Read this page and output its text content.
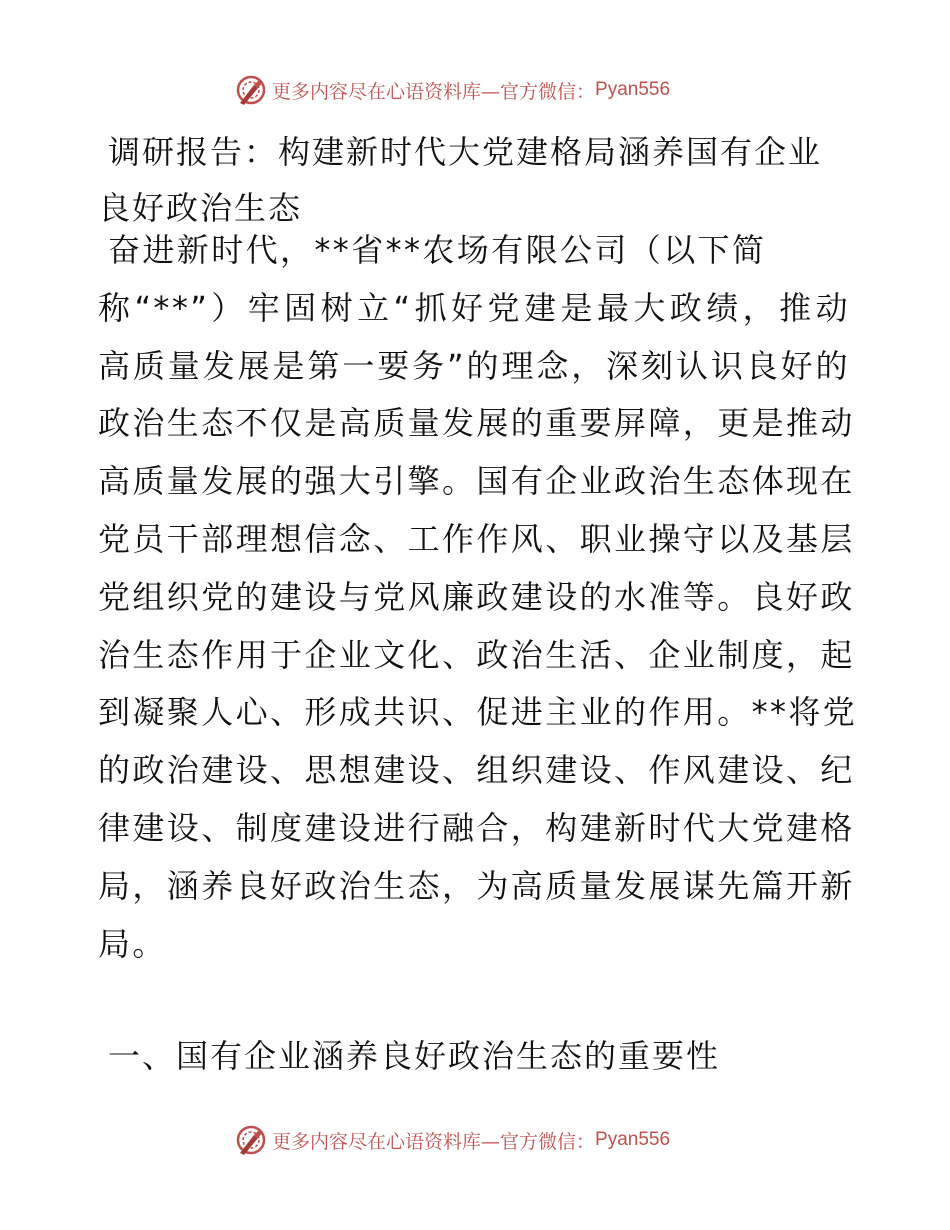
更多内容尽在心语资料库—官方微信： Pyan556
调研报告：构建新时代大党建格局涵养国有企业
良好政治生态

奋进新时代，**省**农场有限公司（以下简
称“**”）牢固树立“抓好党建是最大政绩，推动
高质量发展是第一要务”的理念，深刻认识良好的
政治生态不仅是高质量发展的重要屏障，更是推动
高质量发展的强大引擎。国有企业政治生态体现在
党员干部理想信念、工作作风、职业操守以及基层
党组织党的建设与党风廉政建设的水准等。良好政
治生态作用于企业文化、政治生活、企业制度，起
到凝聚人心、形成共识、促进主业的作用。**将党
的政治建设、思想建设、组织建设、作风建设、纪
律建设、制度建设进行融合，构建新时代大党建格
局，涵养良好政治生态，为高质量发展谋先篇开新
局。

一、国有企业涵养良好政治生态的重要性
更多内容尽在心语资料库—官方微信： Pyan556
